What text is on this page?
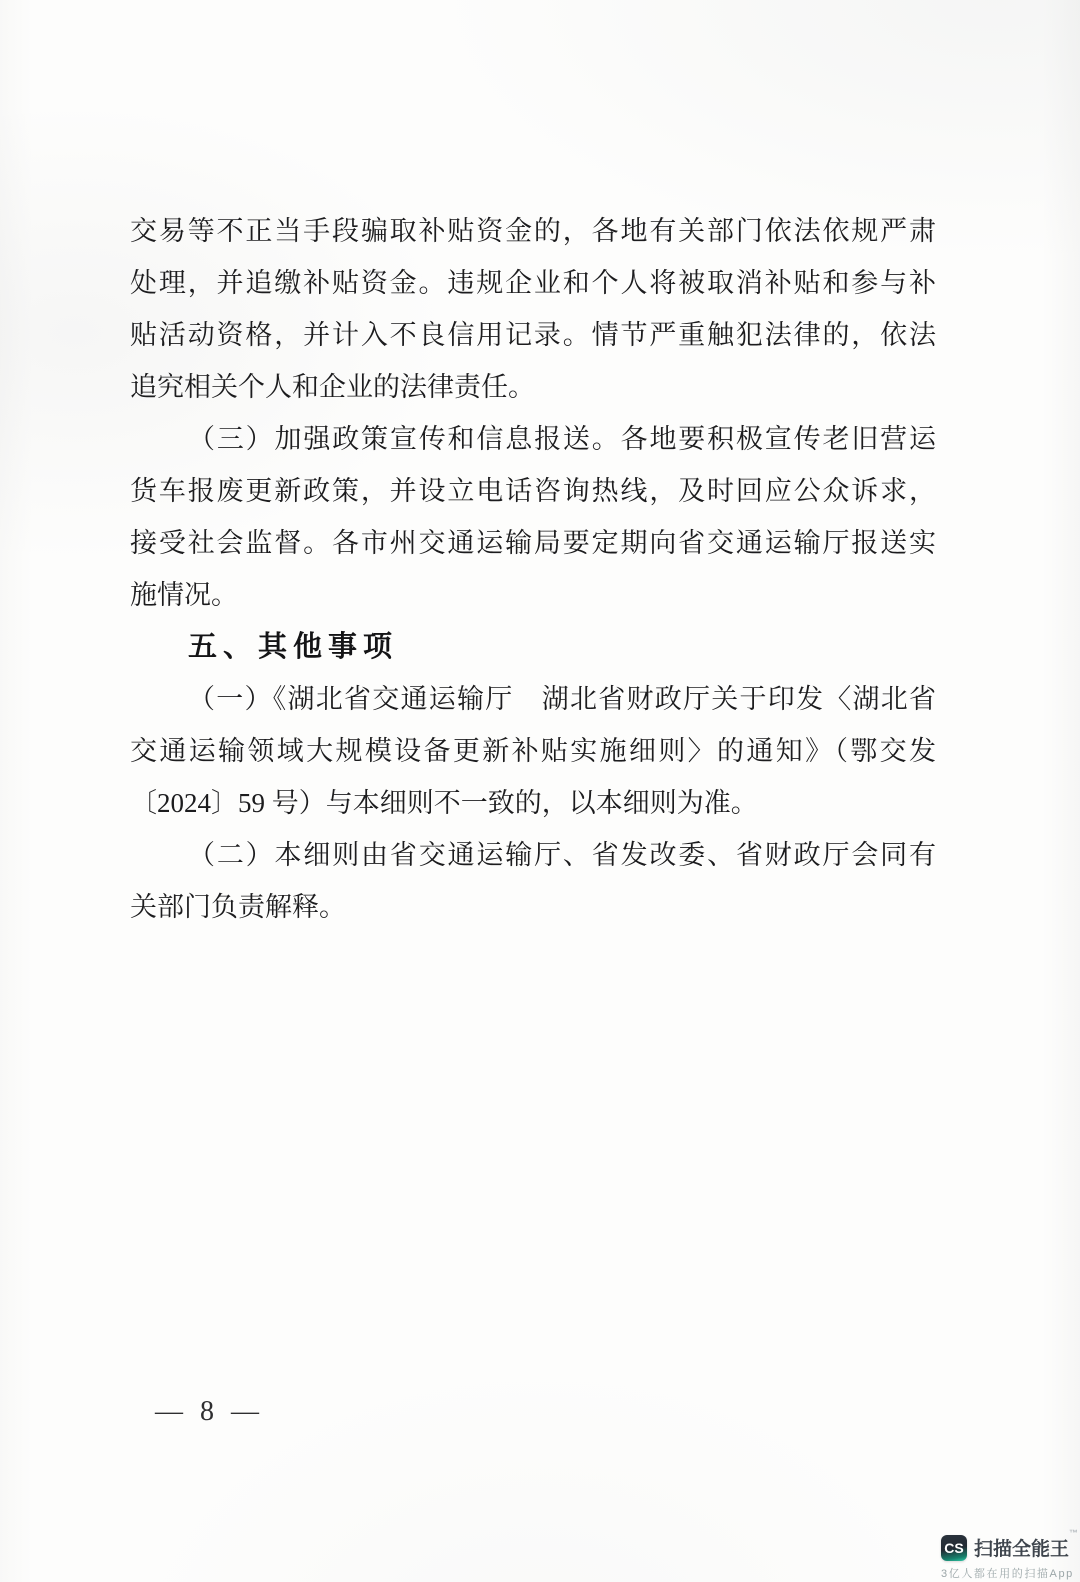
交易等不正当手段骗取补贴资金的，各地有关部门依法依规严肃
处理，并追缴补贴资金。违规企业和个人将被取消补贴和参与补
贴活动资格，并计入不良信用记录。情节严重触犯法律的，依法
追究相关个人和企业的法律责任。
（三）加强政策宣传和信息报送。各地要积极宣传老旧营运
货车报废更新政策，并设立电话咨询热线，及时回应公众诉求，
接受社会监督。各市州交通运输局要定期向省交通运输厅报送实
施情况。
五、其他事项
（一）《湖北省交通运输厅　湖北省财政厅关于印发〈湖北省
交通运输领域大规模设备更新补贴实施细则〉的通知》（鄂交发
〔2024〕59 号）与本细则不一致的，以本细则为准。
（二）本细则由省交通运输厅、省发改委、省财政厅会同有
关部门负责解释。
— 8 —
CS 扫描全能王™
3亿人都在用的扫描App
